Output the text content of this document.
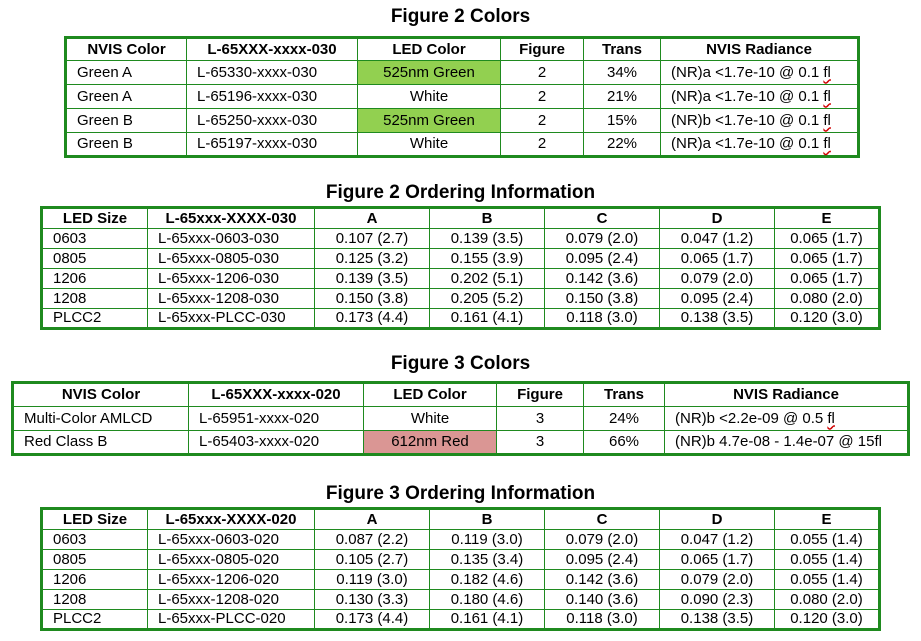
Figure 2 Colors
NVIS Color	L-65XXX-xxxx-030	LED Color	Figure	Trans	NVIS Radiance
Green A	L-65330-xxxx-030	525nm Green	2	34%	(NR)a <1.7e-10 @ 0.1 fl
Green A	L-65196-xxxx-030	White	2	21%	(NR)a <1.7e-10 @ 0.1 fl
Green B	L-65250-xxxx-030	525nm Green	2	15%	(NR)b <1.7e-10 @ 0.1 fl
Green B	L-65197-xxxx-030	White	2	22%	(NR)a <1.7e-10 @ 0.1 fl
Figure 2 Ordering Information
LED Size	L-65xxx-XXXX-030	A	B	C	D	E
0603	L-65xxx-0603-030	0.107 (2.7)	0.139 (3.5)	0.079 (2.0)	0.047 (1.2)	0.065 (1.7)
0805	L-65xxx-0805-030	0.125 (3.2)	0.155 (3.9)	0.095 (2.4)	0.065 (1.7)	0.065 (1.7)
1206	L-65xxx-1206-030	0.139 (3.5)	0.202 (5.1)	0.142 (3.6)	0.079 (2.0)	0.065 (1.7)
1208	L-65xxx-1208-030	0.150 (3.8)	0.205 (5.2)	0.150 (3.8)	0.095 (2.4)	0.080 (2.0)
PLCC2	L-65xxx-PLCC-030	0.173 (4.4)	0.161 (4.1)	0.118 (3.0)	0.138 (3.5)	0.120 (3.0)
Figure 3 Colors
NVIS Color	L-65XXX-xxxx-020	LED Color	Figure	Trans	NVIS Radiance
Multi-Color AMLCD	L-65951-xxxx-020	White	3	24%	(NR)b <2.2e-09 @ 0.5 fl
Red Class B	L-65403-xxxx-020	612nm Red	3	66%	(NR)b 4.7e-08 - 1.4e-07 @ 15fl
Figure 3 Ordering Information
LED Size	L-65xxx-XXXX-020	A	B	C	D	E
0603	L-65xxx-0603-020	0.087 (2.2)	0.119 (3.0)	0.079 (2.0)	0.047 (1.2)	0.055 (1.4)
0805	L-65xxx-0805-020	0.105 (2.7)	0.135 (3.4)	0.095 (2.4)	0.065 (1.7)	0.055 (1.4)
1206	L-65xxx-1206-020	0.119 (3.0)	0.182 (4.6)	0.142 (3.6)	0.079 (2.0)	0.055 (1.4)
1208	L-65xxx-1208-020	0.130 (3.3)	0.180 (4.6)	0.140 (3.6)	0.090 (2.3)	0.080 (2.0)
PLCC2	L-65xxx-PLCC-020	0.173 (4.4)	0.161 (4.1)	0.118 (3.0)	0.138 (3.5)	0.120 (3.0)
